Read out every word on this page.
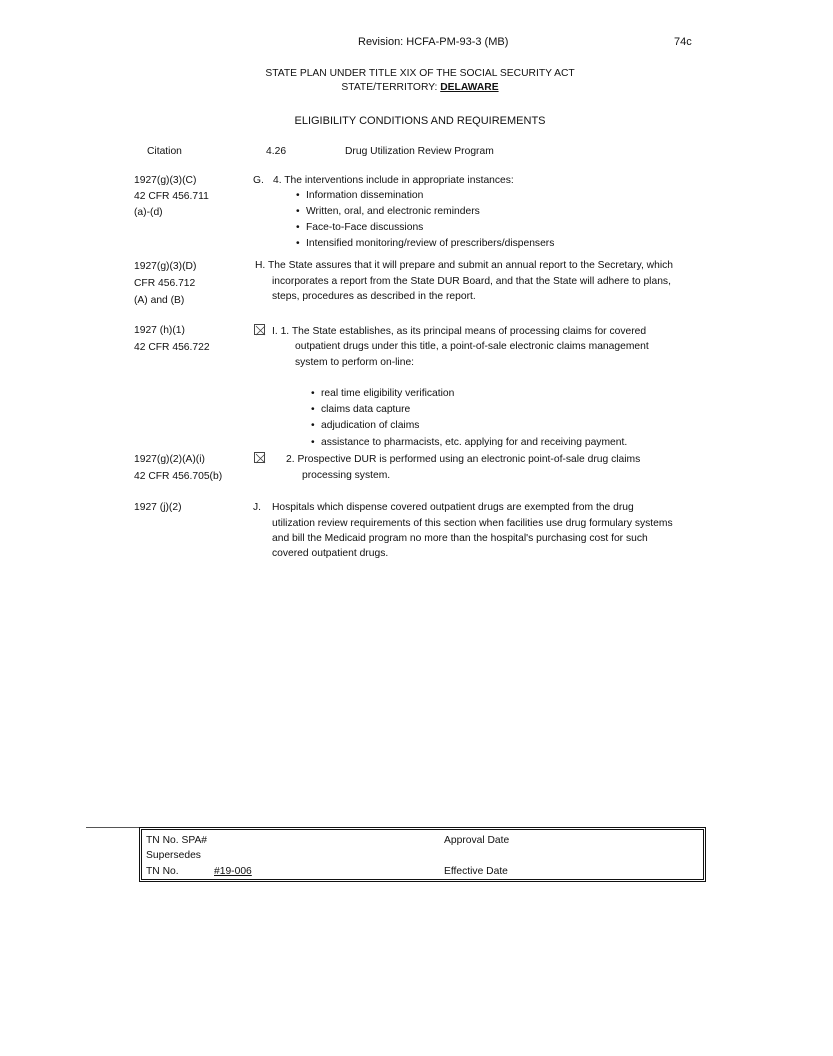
Revision: HCFA-PM-93-3 (MB)	74c
STATE PLAN UNDER TITLE XIX OF THE SOCIAL SECURITY ACT
STATE/TERRITORY: DELAWARE
ELIGIBILITY CONDITIONS AND REQUIREMENTS
Citation	4.26	Drug Utilization Review Program
1927(g)(3)(C)
42 CFR 456.711
(a)-(d)
G. 4. The interventions include in appropriate instances:
• Information dissemination
• Written, oral, and electronic reminders
• Face-to-Face discussions
• Intensified monitoring/review of prescribers/dispensers
1927(g)(3)(D)
CFR 456.712
(A) and (B)
H. The State assures that it will prepare and submit an annual report to the Secretary, which
incorporates a report from the State DUR Board, and that the State will adhere to plans,
steps, procedures as described in the report.
1927 (h)(1)
42 CFR 456.722
I. 1. The State establishes, as its principal means of processing claims for covered
outpatient drugs under this title, a point-of-sale electronic claims management
system to perform on-line:
• real time eligibility verification
• claims data capture
• adjudication of claims
• assistance to pharmacists, etc. applying for and receiving payment.
1927(g)(2)(A)(i)
42 CFR 456.705(b)
2. Prospective DUR is performed using an electronic point-of-sale drug claims
processing system.
1927 (j)(2)	J. Hospitals which dispense covered outpatient drugs are exempted from the drug
utilization review requirements of this section when facilities use drug formulary systems
and bill the Medicaid program no more than the hospital's purchasing cost for such
covered outpatient drugs.
TN No. SPA#
Supersedes
TN No.	#19-006
Approval Date
Effective Date
